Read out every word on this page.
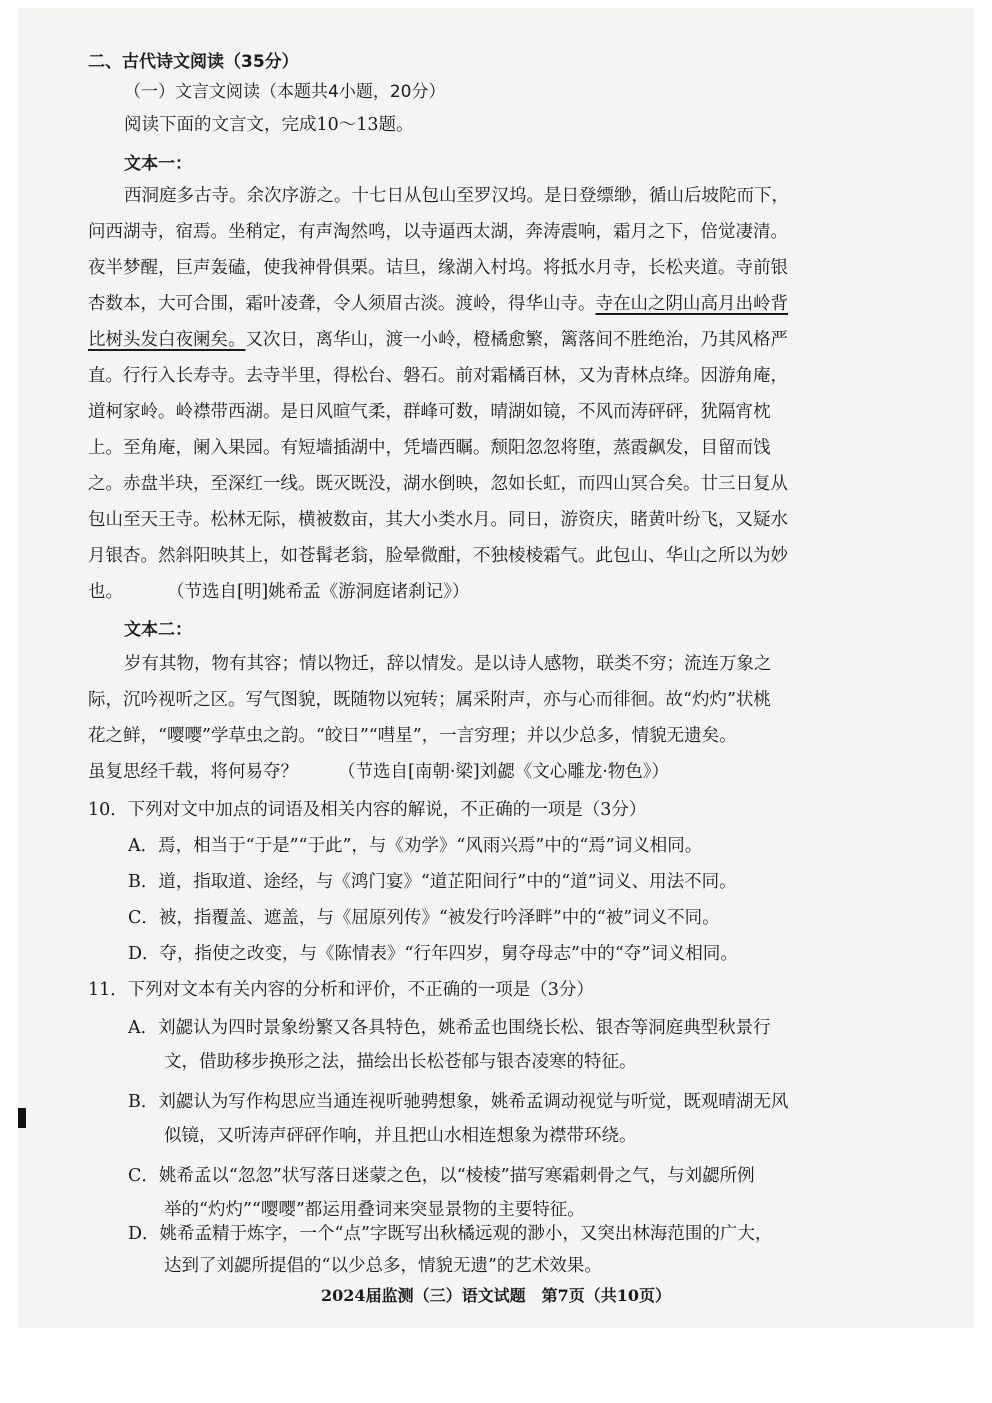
二、古代诗文阅读（35分）
（一）文言文阅读（本题共4小题，20分）
阅读下面的文言文，完成10～13题。
文本一：
西洞庭多古寺。余次序游之。十七日从包山至罗汉坞。是日登缥缈，循山后坡陀而下，
问西湖寺，宿焉。坐稍定，有声淘然鸣，以寺逼西太湖，奔涛震响，霜月之下，倍觉凄清。
夜半梦醒，巨声轰磕，使我神骨俱栗。诘旦，缘湖入村坞。将抵水月寺，长松夹道。寺前银
杏数本，大可合围，霜叶凌聋，令人须眉古淡。渡岭，得华山寺。寺在山之阴山高月出岭背
比树头发白夜阑矣。又次日，离华山，渡一小岭，橙橘愈繁，篱落间不胜绝治，乃其风格严
直。行行入长寿寺。去寺半里，得松台、磐石。前对霜橘百林，又为青林点绛。因游角庵，
道柯家岭。岭襟带西湖。是日风暄气柔，群峰可数，晴湖如镜，不风而涛砰砰，犹隔宵枕
上。至角庵，阑入果园。有短墙插湖中，凭墙西瞩。颓阳忽忽将堕，蒸霞飙发，目留而饯
之。赤盘半玦，至深红一线。既灭既没，湖水倒映，忽如长虹，而四山冥合矣。廿三日复从
包山至天王寺。松林无际，横被数亩，其大小类水月。同日，游资庆，睹黄叶纷飞，又疑水
月银杏。然斜阳映其上，如苍髯老翁，脸晕微酣，不独棱棱霜气。此包山、华山之所以为妙
也。	（节选自[明]姚希孟《游洞庭诸刹记》）
文本二：
岁有其物，物有其容；情以物迁，辞以情发。是以诗人感物，联类不穷；流连万象之
际，沉吟视听之区。写气图貌，既随物以宛转；属采附声，亦与心而徘徊。故“灼灼”状桃
花之鲜，“嘤嘤”学草虫之韵。“皎日”“嘒星”，一言穷理；并以少总多，情貌无遗矣。
虽复思经千载，将何易夺？ （节选自[南朝·梁]刘勰《文心雕龙·物色》）
10．下列对文中加点的词语及相关内容的解说，不正确的一项是（3分）
A．焉，相当于“于是”“于此”，与《劝学》“风雨兴焉”中的“焉”词义相同。
B．道，指取道、途经，与《鸿门宴》“道芷阳间行”中的“道”词义、用法不同。
C．被，指覆盖、遮盖，与《屈原列传》“被发行吟泽畔”中的“被”词义不同。
D．夺，指使之改变，与《陈情表》“行年四岁，舅夺母志”中的“夺”词义相同。
11．下列对文本有关内容的分析和评价，不正确的一项是（3分）
A．刘勰认为四时景象纷繁又各具特色，姚希孟也围绕长松、银杏等洞庭典型秋景行
文，借助移步换形之法，描绘出长松苍郁与银杏凌寒的特征。
B．刘勰认为写作构思应当通连视听驰骋想象，姚希孟调动视觉与听觉，既观晴湖无风
似镜，又听涛声砰砰作响，并且把山水相连想象为襟带环绕。
C．姚希孟以“忽忽”状写落日迷蒙之色，以“棱棱”描写寒霜刺骨之气，与刘勰所例
举的“灼灼”“嘤嘤”都运用叠词来突显景物的主要特征。
D．姚希孟精于炼字，一个“点”字既写出秋橘远观的渺小，又突出林海范围的广大，
2024届监测（三）语文试题　第7页（共10页）
达到了刘勰所提倡的“以少总多，情貌无遗”的艺术效果。
